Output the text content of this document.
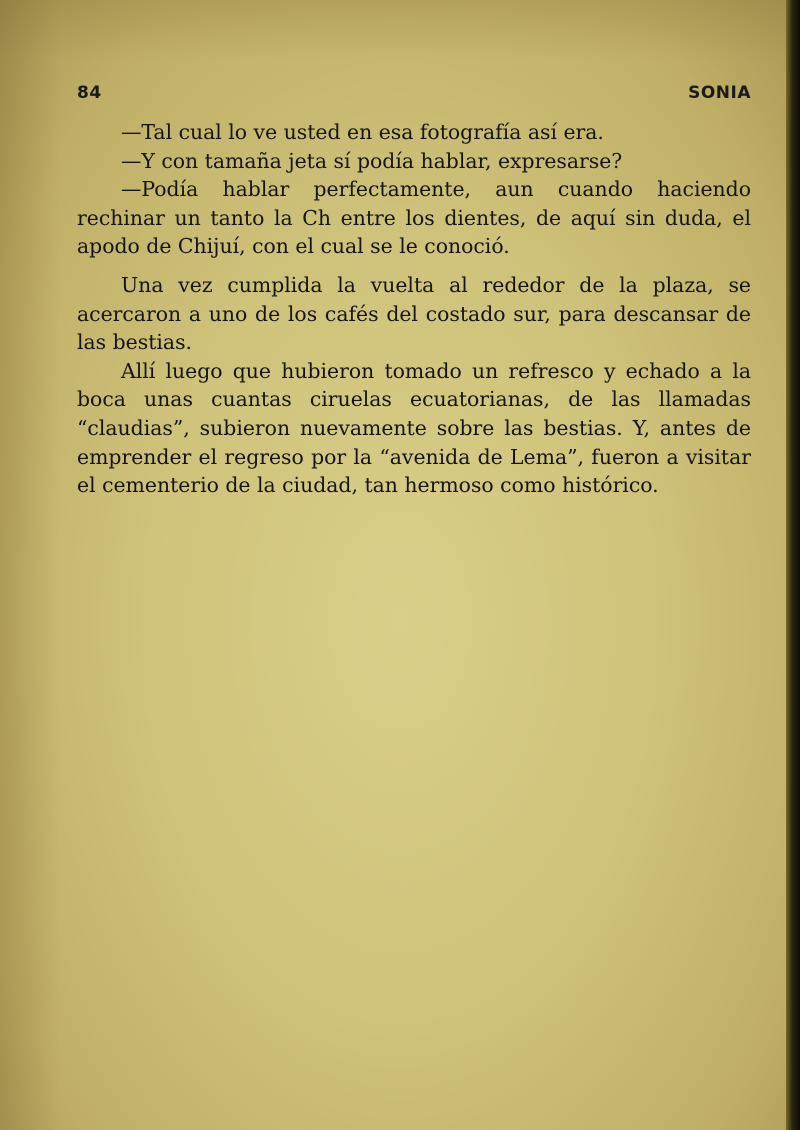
84	SONIA

—Tal cual lo ve usted en esa fotografía así era.

—Y con tamaña jeta sí podía hablar, expresarse?

—Podía hablar perfectamente, aun cuando haciendo rechinar un tanto la Ch entre los dientes, de aquí sin duda, el apodo de Chijuí, con el cual se le conoció.

Una vez cumplida la vuelta al rededor de la plaza, se acercaron a uno de los cafés del costado sur, para descansar de las bestias.

Allí luego que hubieron tomado un refresco y echado a la boca unas cuantas ciruelas ecuatorianas, de las llamadas “claudias”, subieron nuevamente sobre las bestias. Y, antes de emprender el regreso por la “avenida de Lema”, fueron a visitar el cementerio de la ciudad, tan hermoso como histórico.
